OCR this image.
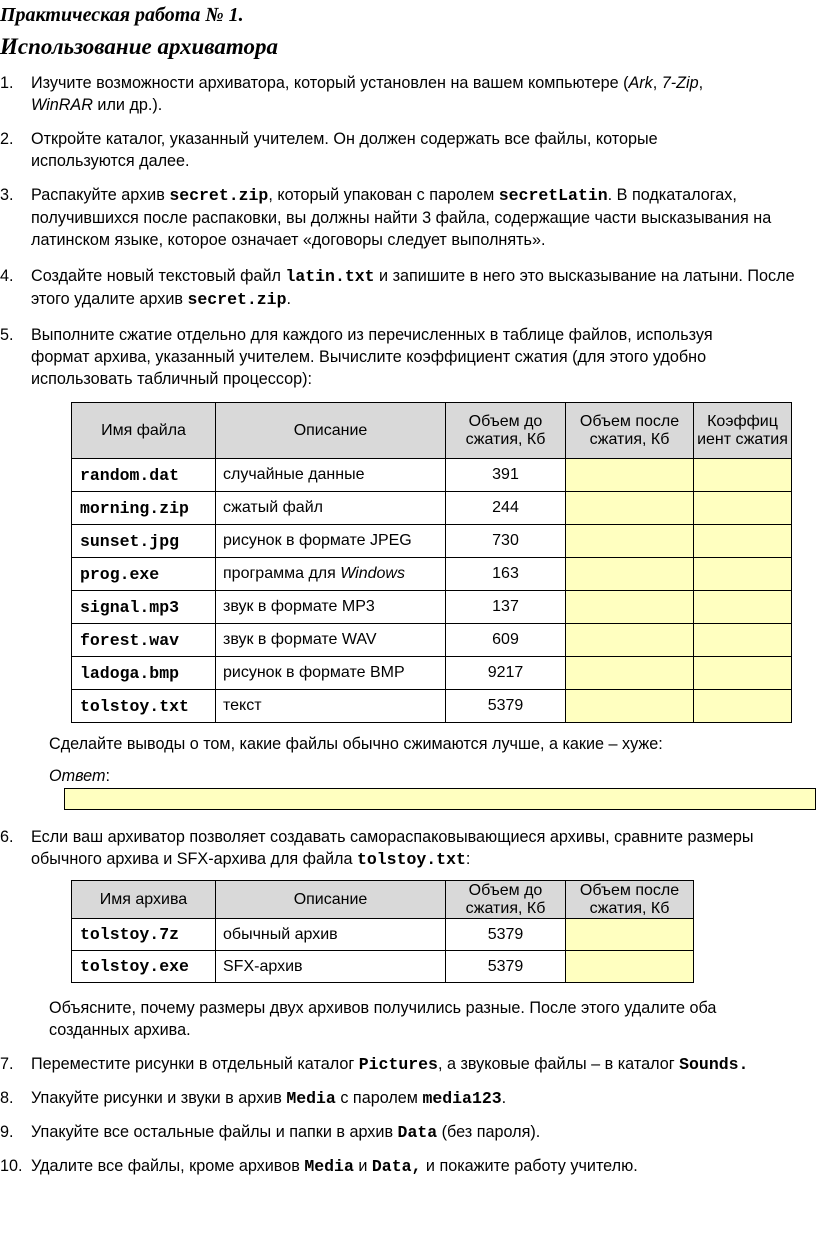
Практическая работа № 1.
Использование архиватора
1. Изучите возможности архиватора, который установлен на вашем компьютере (Ark, 7-Zip,
WinRAR или др.).
2. Откройте каталог, указанный учителем. Он должен содержать все файлы, которые используются далее.
3. Распакуйте архив secret.zip, который упакован с паролем secretLatin. В подкаталогах, получившихся после распаковки, вы должны найти 3 файла, содержащие части высказывания на латинском языке, которое означает «договоры следует выполнять».
4. Создайте новый текстовый файл latin.txt и запишите в него это высказывание на латыни. После этого удалите архив secret.zip.
5. Выполните сжатие отдельно для каждого из перечисленных в таблице файлов, используя формат архива, указанный учителем. Вычислите коэффициент сжатия (для этого удобно использовать табличный процессор):
Имя файла	Описание	Объем до сжатия, Кб	Объем после сжатия, Кб	Коэффиц иент сжатия
random.dat	случайные данные	391		
morning.zip	сжатый файл	244		
sunset.jpg	рисунок в формате JPEG	730		
prog.exe	программа для Windows	163		
signal.mp3	звук в формате MP3	137		
forest.wav	звук в формате WAV	609		
ladoga.bmp	рисунок в формате BMP	9217		
tolstoy.txt	текст	5379		
Сделайте выводы о том, какие файлы обычно сжимаются лучше, а какие – хуже:
Ответ:
6. Если ваш архиватор позволяет создавать самораспаковывающиеся архивы, сравните размеры обычного архива и SFX-архива для файла tolstoy.txt:
Имя архива	Описание	Объем до сжатия, Кб	Объем после сжатия, Кб
tolstoy.7z	обычный архив	5379	
tolstoy.exe	SFX-архив	5379	
Объясните, почему размеры двух архивов получились разные. После этого удалите оба созданных архива.
7. Переместите рисунки в отдельный каталог Pictures, а звуковые файлы – в каталог Sounds.
8. Упакуйте рисунки и звуки в архив Media с паролем media123.
9. Упакуйте все остальные файлы и папки в архив Data (без пароля).
10. Удалите все файлы, кроме архивов Media и Data, и покажите работу учителю.
